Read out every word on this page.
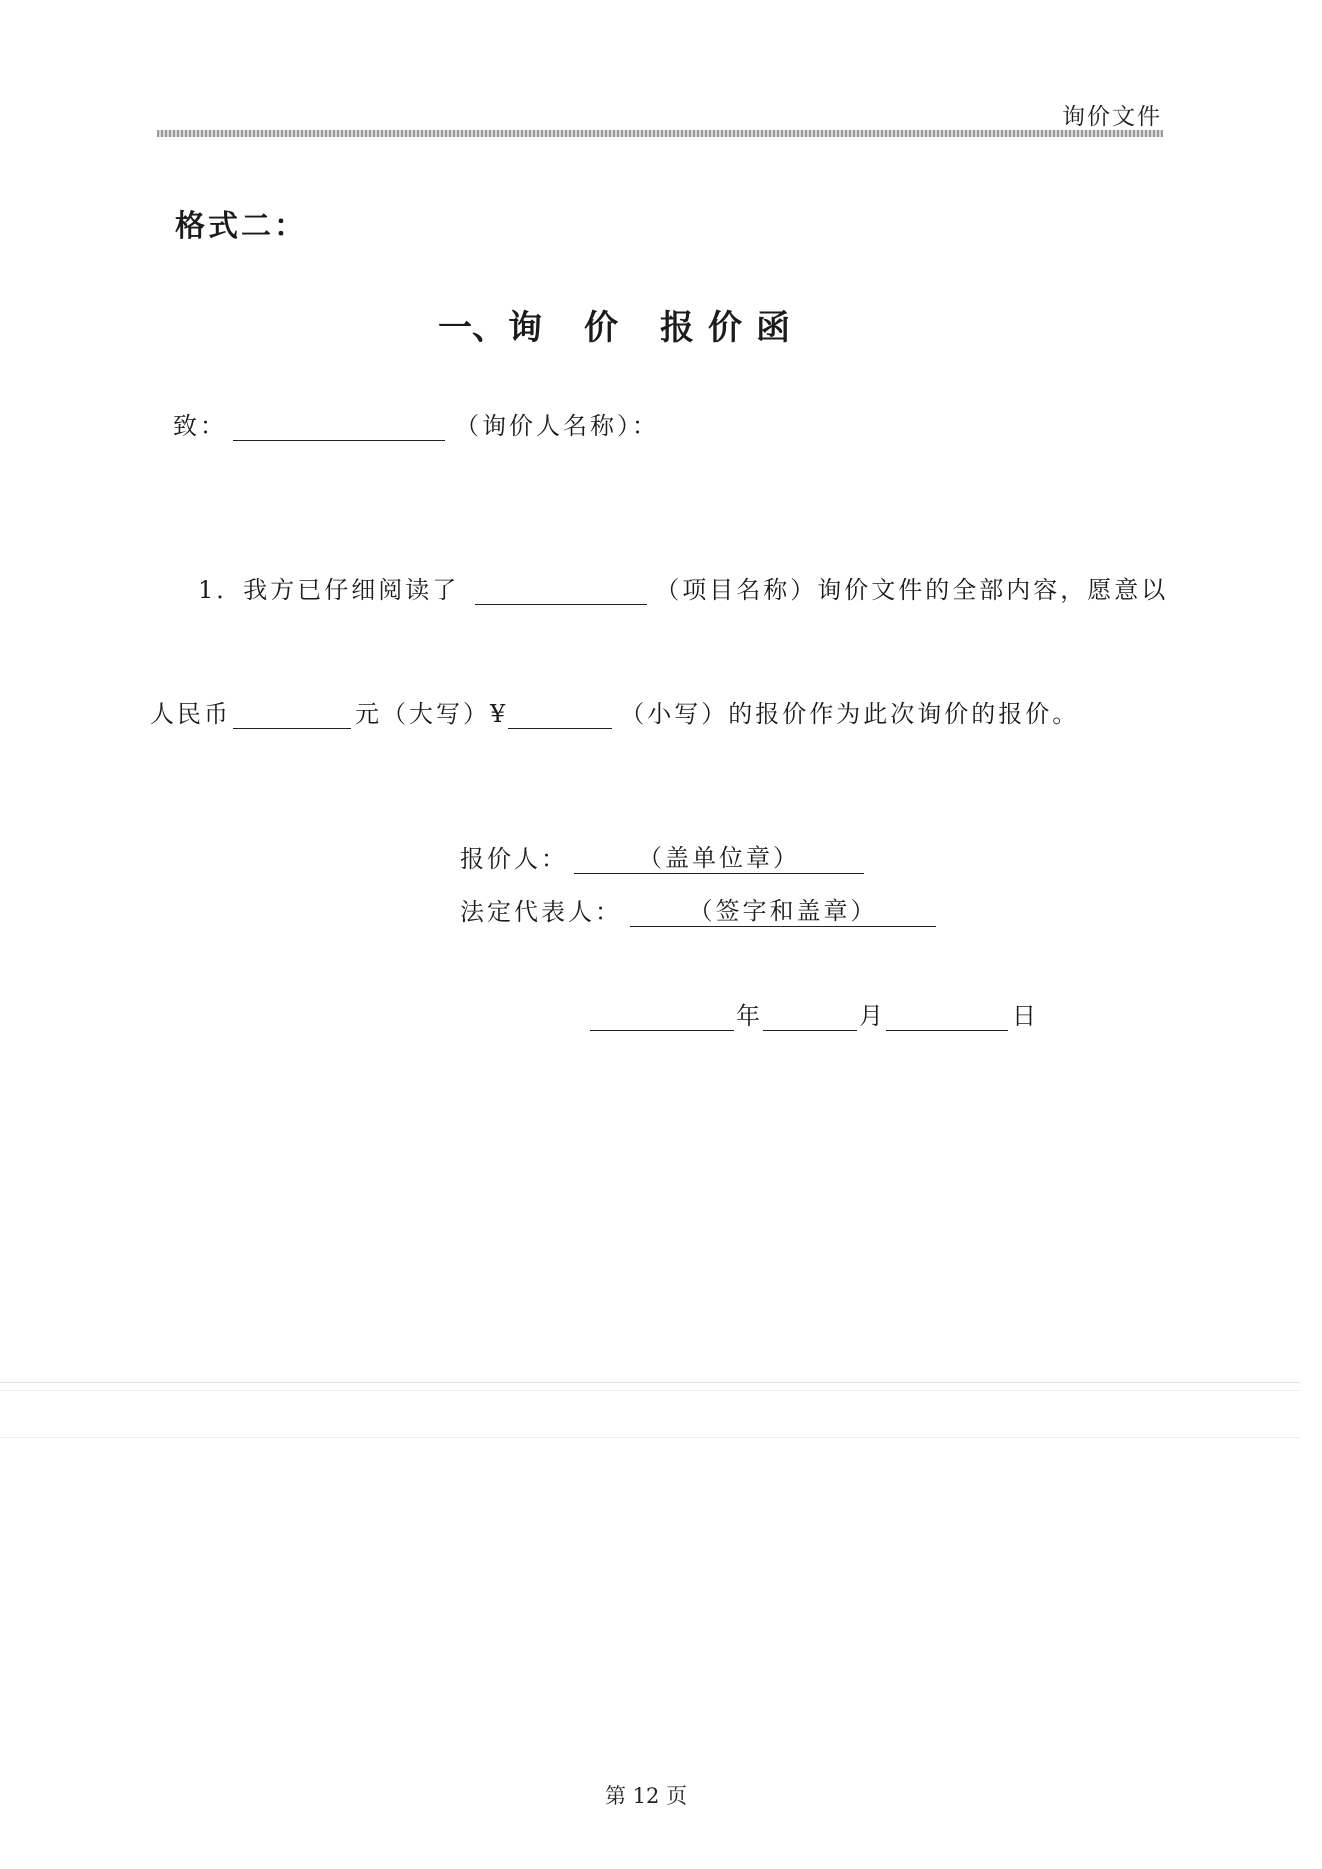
询价文件
格式二：
一、询 价 报 价 函
致：	（询价人名称）：
1．我方已仔细阅读了	（项目名称）询价文件的全部内容，愿意以
人民币	元（大写）¥	（小写）的报价作为此次询价的报价。
报价人：	（盖单位章）
法定代表人：	（签字和盖章）
年	月	日
第 12 页
